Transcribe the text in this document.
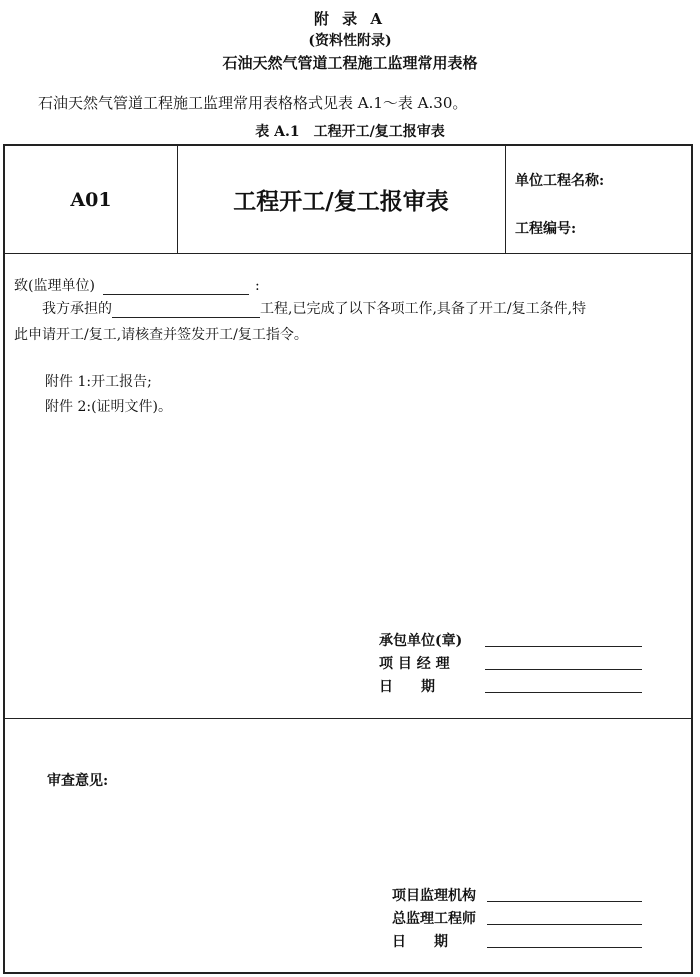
附 录 A
(资料性附录)
石油天然气管道工程施工监理常用表格
石油天然气管道工程施工监理常用表格格式见表 A.1～表 A.30。
表 A.1　工程开工/复工报审表
A01	工程开工/复工报审表
单位工程名称:
工程编号:
致(监理单位)	:
我方承担的	工程,已完成了以下各项工作,具备了开工/复工条件,特
此申请开工/复工,请核查并签发开工/复工指令。
附件 1:开工报告;
附件 2:(证明文件)。
承包单位(章)
项 目 经 理
日　　期
审查意见:
项目监理机构
总监理工程师
日　　期
